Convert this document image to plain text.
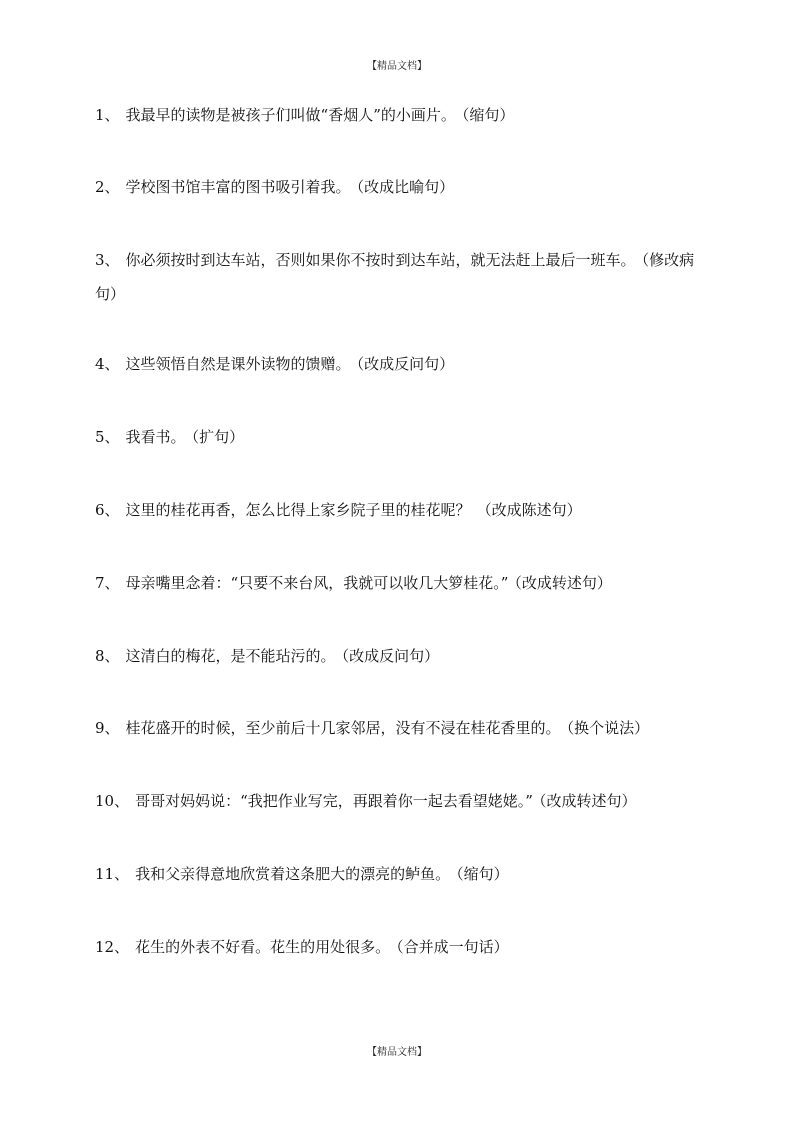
【精品文档】
1、 我最早的读物是被孩子们叫做“香烟人”的小画片。 （缩句）
2、 学校图书馆丰富的图书吸引着我。 （改成比喻句）
3、 你必须按时到达车站，否则如果你不按时到达车站，就无法赶上最后一班车。 （修改病句）
4、 这些领悟自然是课外读物的馈赠。 （改成反问句）
5、 我看书。 （扩句）
6、 这里的桂花再香，怎么比得上家乡院子里的桂花呢？ （改成陈述句）
7、 母亲嘴里念着：“只要不来台风，我就可以收几大箩桂花。” （改成转述句）
8、 这清白的梅花，是不能玷污的。 （改成反问句）
9、 桂花盛开的时候，至少前后十几家邻居，没有不浸在桂花香里的。 （换个说法）
10、 哥哥对妈妈说：“我把作业写完，再跟着你一起去看望姥姥。” （改成转述句）
11、 我和父亲得意地欣赏着这条肥大的漂亮的鲈鱼。 （缩句）
12、 花生的外表不好看。花生的用处很多。 （合并成一句话）
【精品文档】
